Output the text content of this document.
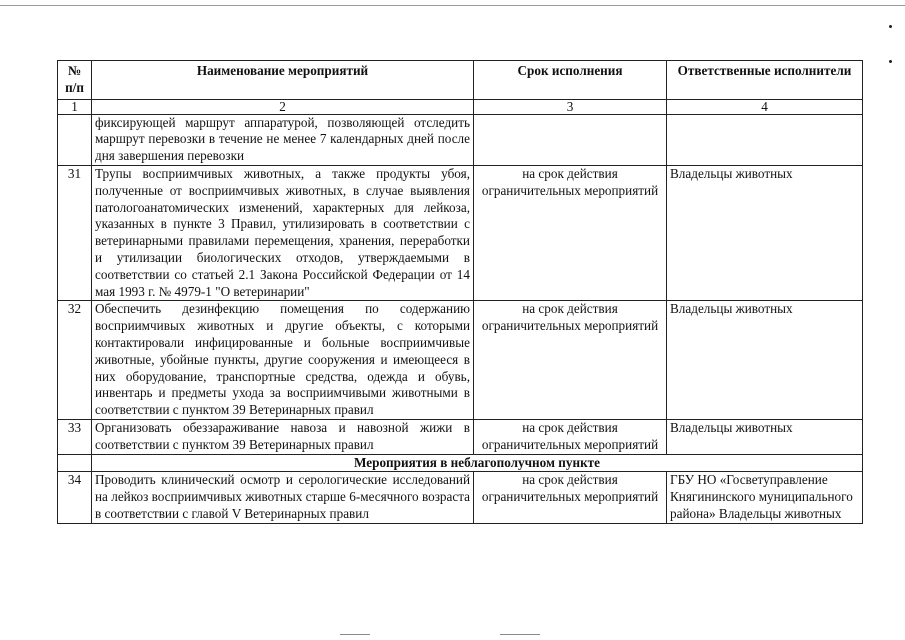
№ п/п	Наименование мероприятий	Срок исполнения	Ответственные исполнители
1	2	3	4
	фиксирующей маршрут аппаратурой, позволяющей отследить маршрут перевозки в течение не менее 7 календарных дней после дня завершения перевозки		
31	Трупы восприимчивых животных, а также продукты убоя, полученные от восприимчивых животных, в случае выявления патологоанатомических изменений, характерных для лейкоза, указанных в пункте 3 Правил, утилизировать в соответствии с ветеринарными правилами перемещения, хранения, переработки и утилизации биологических отходов, утверждаемыми в соответствии со статьей 2.1 Закона Российской Федерации от 14 мая 1993 г. № 4979-1 "О ветеринарии"	на срок действия ограничительных мероприятий	Владельцы животных
32	Обеспечить дезинфекцию помещения по содержанию восприимчивых животных и другие объекты, с которыми контактировали инфицированные и больные восприимчивые животные, убойные пункты, другие сооружения и имеющееся в них оборудование, транспортные средства, одежда и обувь, инвентарь и предметы ухода за восприимчивыми животными в соответствии с пунктом 39 Ветеринарных правил	на срок действия ограничительных мероприятий	Владельцы животных
33	Организовать обеззараживание навоза и навозной жижи в соответствии с пунктом 39 Ветеринарных правил	на срок действия ограничительных мероприятий	Владельцы животных
	Мероприятия в неблагополучном пункте		
34	Проводить клинический осмотр и серологические исследований на лейкоз восприимчивых животных старше 6-месячного возраста в соответствии с главой V Ветеринарных правил	на срок действия ограничительных мероприятий	ГБУ НО «Госветуправление Княгининского муниципального района» Владельцы животных
